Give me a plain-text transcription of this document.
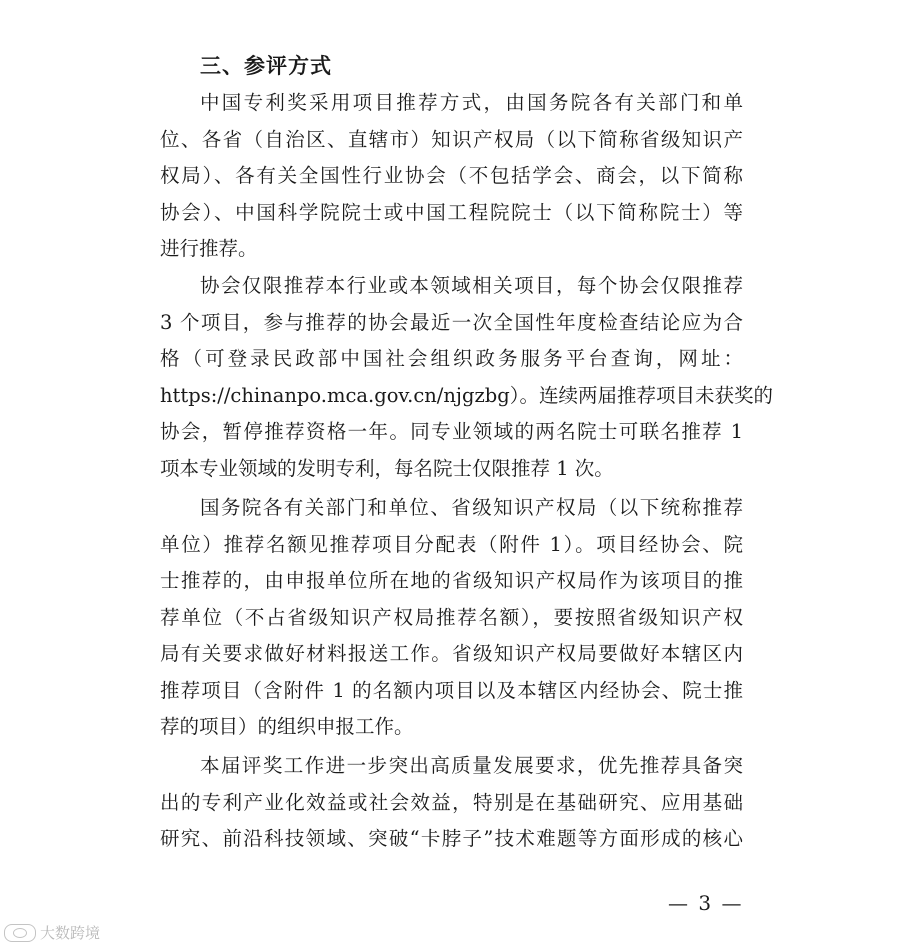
三、参评方式
中国专利奖采用项目推荐方式，由国务院各有关部门和单
位、各省（自治区、直辖市）知识产权局（以下简称省级知识产
权局）、各有关全国性行业协会（不包括学会、商会，以下简称
协会）、中国科学院院士或中国工程院院士（以下简称院士）等
进行推荐。
协会仅限推荐本行业或本领域相关项目，每个协会仅限推荐
3 个项目，参与推荐的协会最近一次全国性年度检查结论应为合
格（可登录民政部中国社会组织政务服务平台查询，网址：
https://chinanpo.mca.gov.cn/njgzbg）。连续两届推荐项目未获奖的
协会，暂停推荐资格一年。同专业领域的两名院士可联名推荐 1
项本专业领域的发明专利，每名院士仅限推荐 1 次。
国务院各有关部门和单位、省级知识产权局（以下统称推荐
单位）推荐名额见推荐项目分配表（附件 1）。项目经协会、院
士推荐的，由申报单位所在地的省级知识产权局作为该项目的推
荐单位（不占省级知识产权局推荐名额），要按照省级知识产权
局有关要求做好材料报送工作。省级知识产权局要做好本辖区内
推荐项目（含附件 1 的名额内项目以及本辖区内经协会、院士推
荐的项目）的组织申报工作。
本届评奖工作进一步突出高质量发展要求，优先推荐具备突
出的专利产业化效益或社会效益，特别是在基础研究、应用基础
研究、前沿科技领域、突破“卡脖子”技术难题等方面形成的核心
— 3 —
大数跨境
